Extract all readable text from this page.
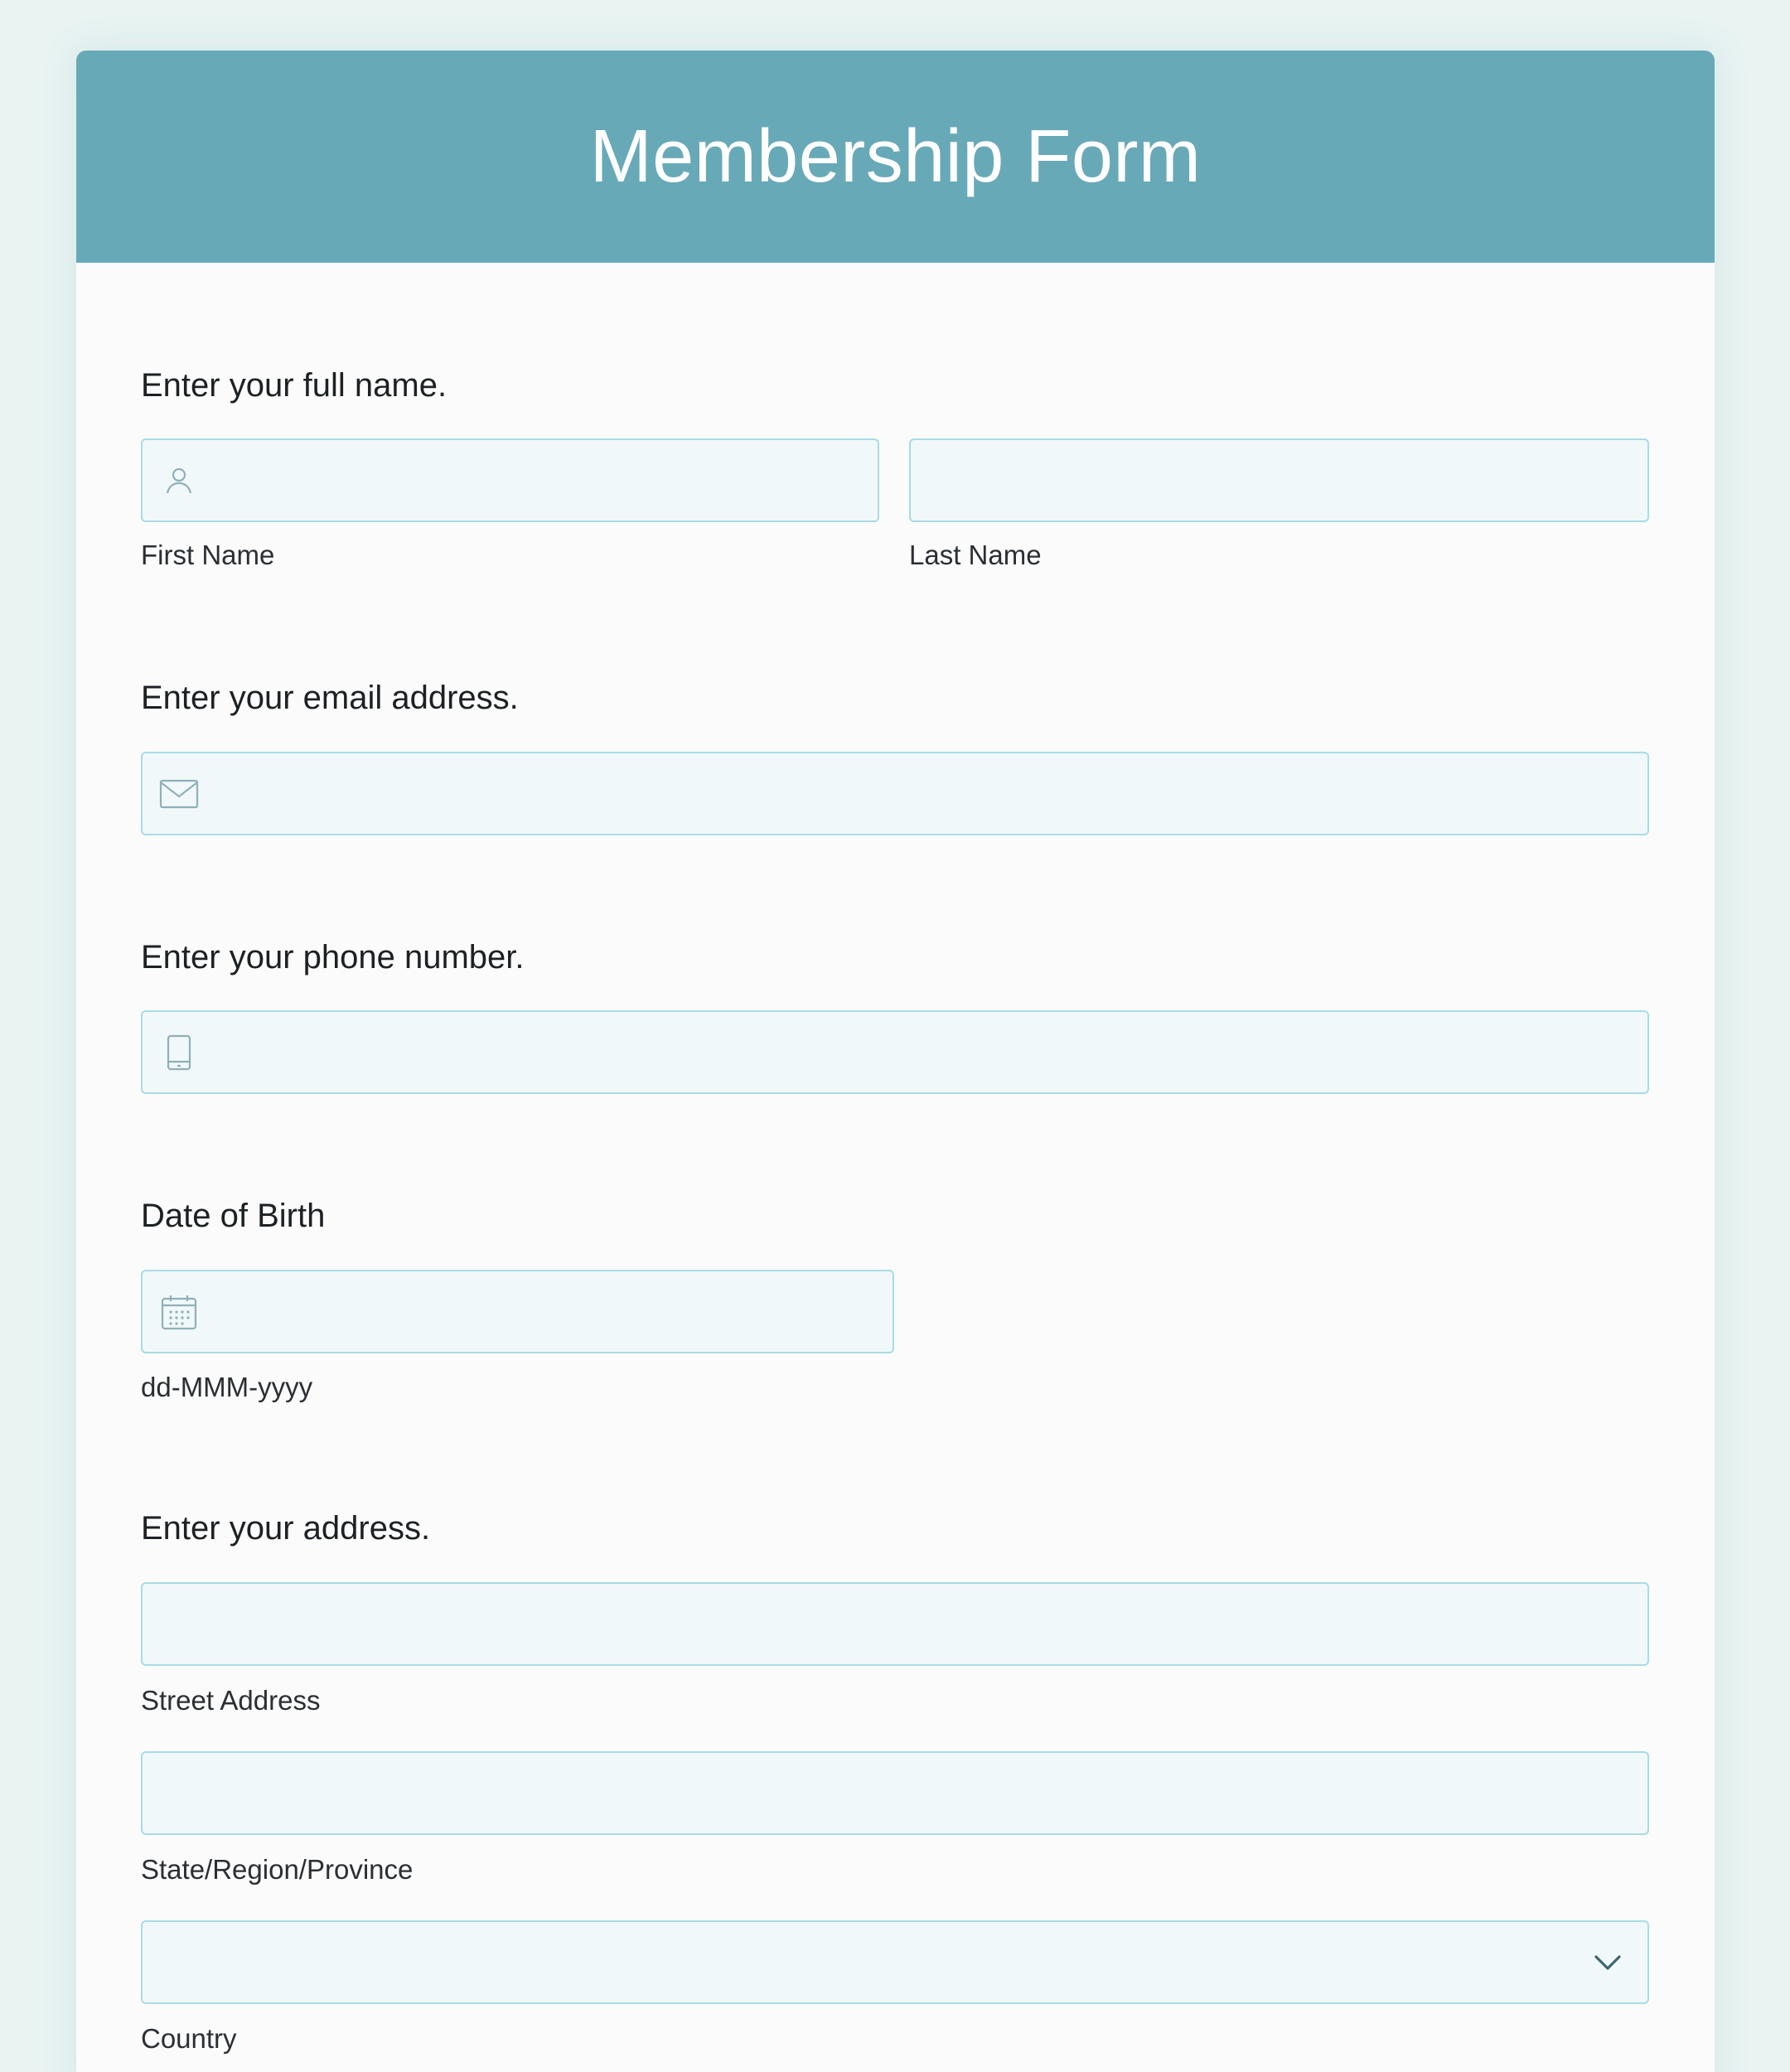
Membership Form
Enter your full name.
First Name	Last Name
Enter your email address.
Enter your phone number.
Date of Birth
dd-MMM-yyyy
Enter your address.
Street Address
State/Region/Province
Country
